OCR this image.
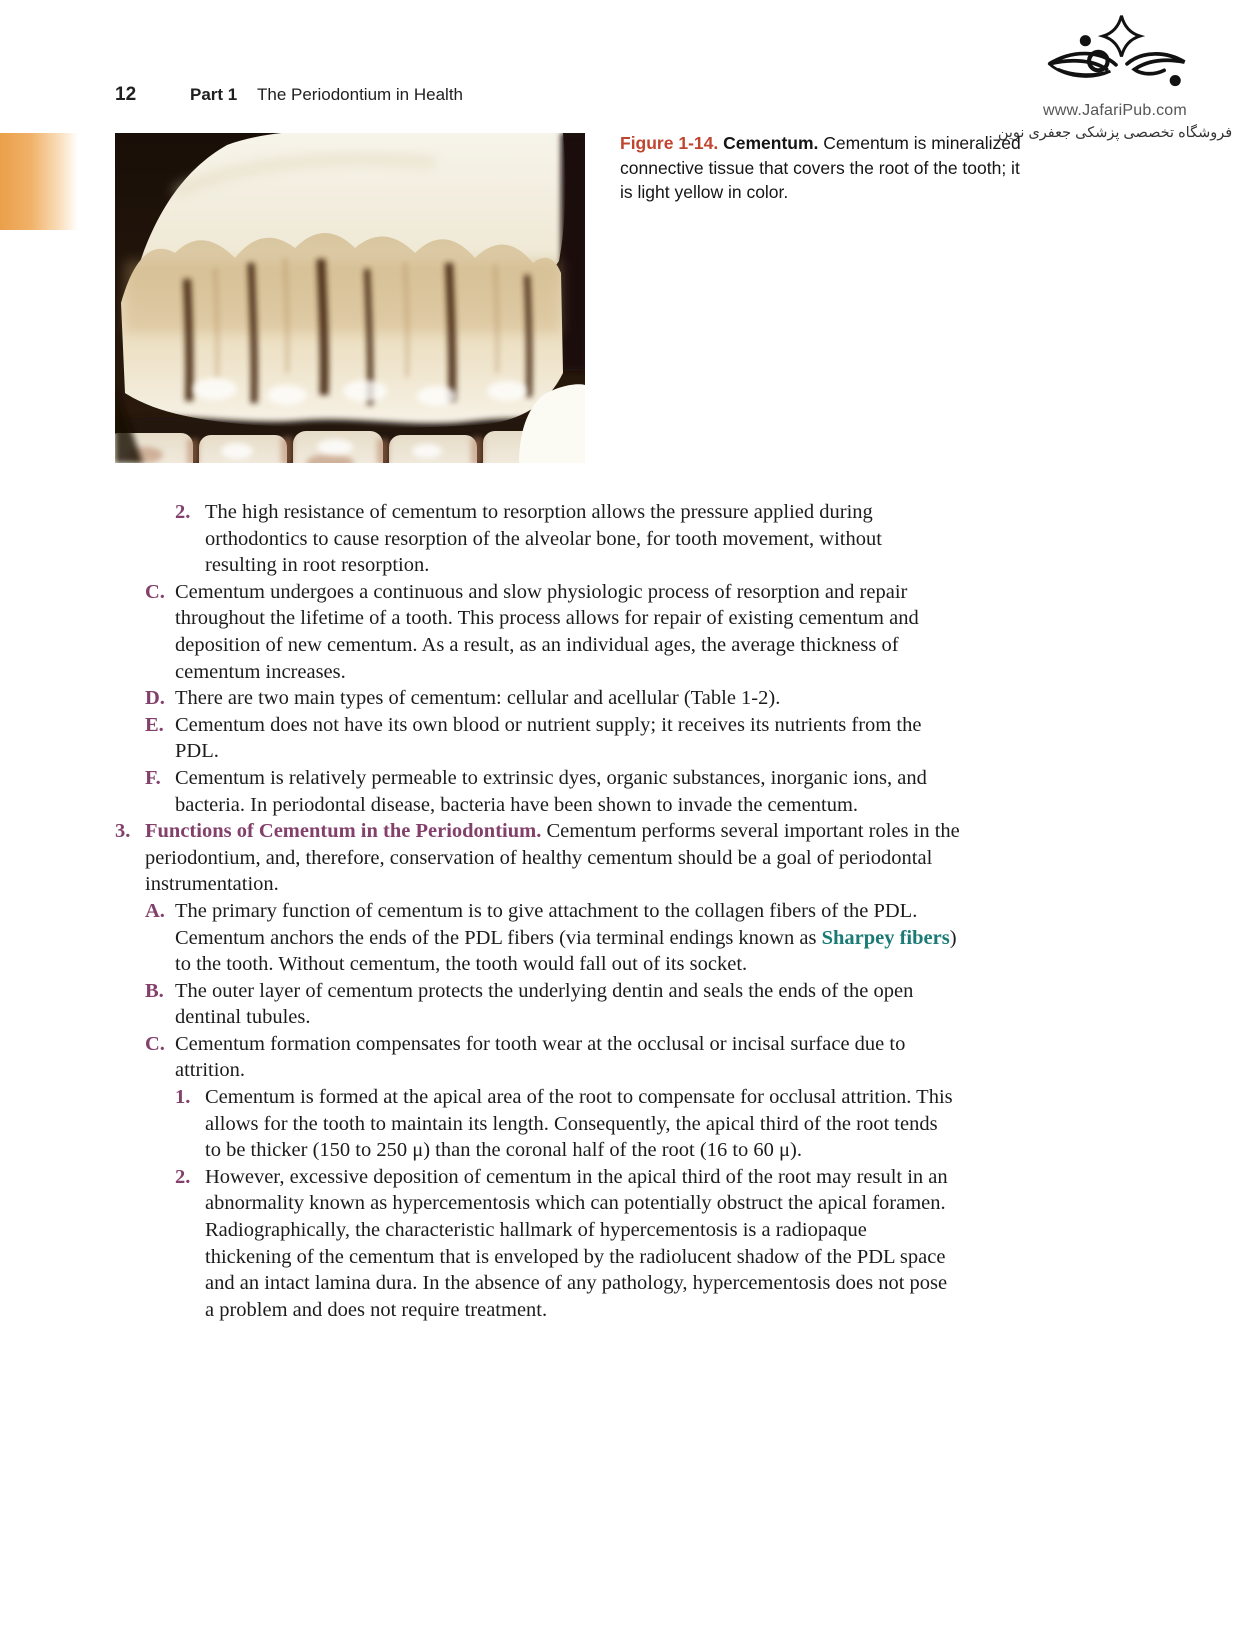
12	Part 1 The Periodontium in Health
www.JafariPub.com
فروشگاه تخصصی پزشکی جعفری نوین
Figure 1-14. Cementum. Cementum is mineralized connective tissue that covers the root of the tooth; it is light yellow in color.
2. The high resistance of cementum to resorption allows the pressure applied during orthodontics to cause resorption of the alveolar bone, for tooth movement, without resulting in root resorption.
C. Cementum undergoes a continuous and slow physiologic process of resorption and repair throughout the lifetime of a tooth. This process allows for repair of existing cementum and deposition of new cementum. As a result, as an individual ages, the average thickness of cementum increases.
D. There are two main types of cementum: cellular and acellular (Table 1-2).
E. Cementum does not have its own blood or nutrient supply; it receives its nutrients from the PDL.
F. Cementum is relatively permeable to extrinsic dyes, organic substances, inorganic ions, and bacteria. In periodontal disease, bacteria have been shown to invade the cementum.
3. Functions of Cementum in the Periodontium. Cementum performs several important roles in the periodontium, and, therefore, conservation of healthy cementum should be a goal of periodontal instrumentation.
A. The primary function of cementum is to give attachment to the collagen fibers of the PDL. Cementum anchors the ends of the PDL fibers (via terminal endings known as Sharpey fibers) to the tooth. Without cementum, the tooth would fall out of its socket.
B. The outer layer of cementum protects the underlying dentin and seals the ends of the open dentinal tubules.
C. Cementum formation compensates for tooth wear at the occlusal or incisal surface due to attrition.
1. Cementum is formed at the apical area of the root to compensate for occlusal attrition. This allows for the tooth to maintain its length. Consequently, the apical third of the root tends to be thicker (150 to 250 μ) than the coronal half of the root (16 to 60 μ).
2. However, excessive deposition of cementum in the apical third of the root may result in an abnormality known as hypercementosis which can potentially obstruct the apical foramen. Radiographically, the characteristic hallmark of hypercementosis is a radiopaque thickening of the cementum that is enveloped by the radiolucent shadow of the PDL space and an intact lamina dura. In the absence of any pathology, hypercementosis does not pose a problem and does not require treatment.
